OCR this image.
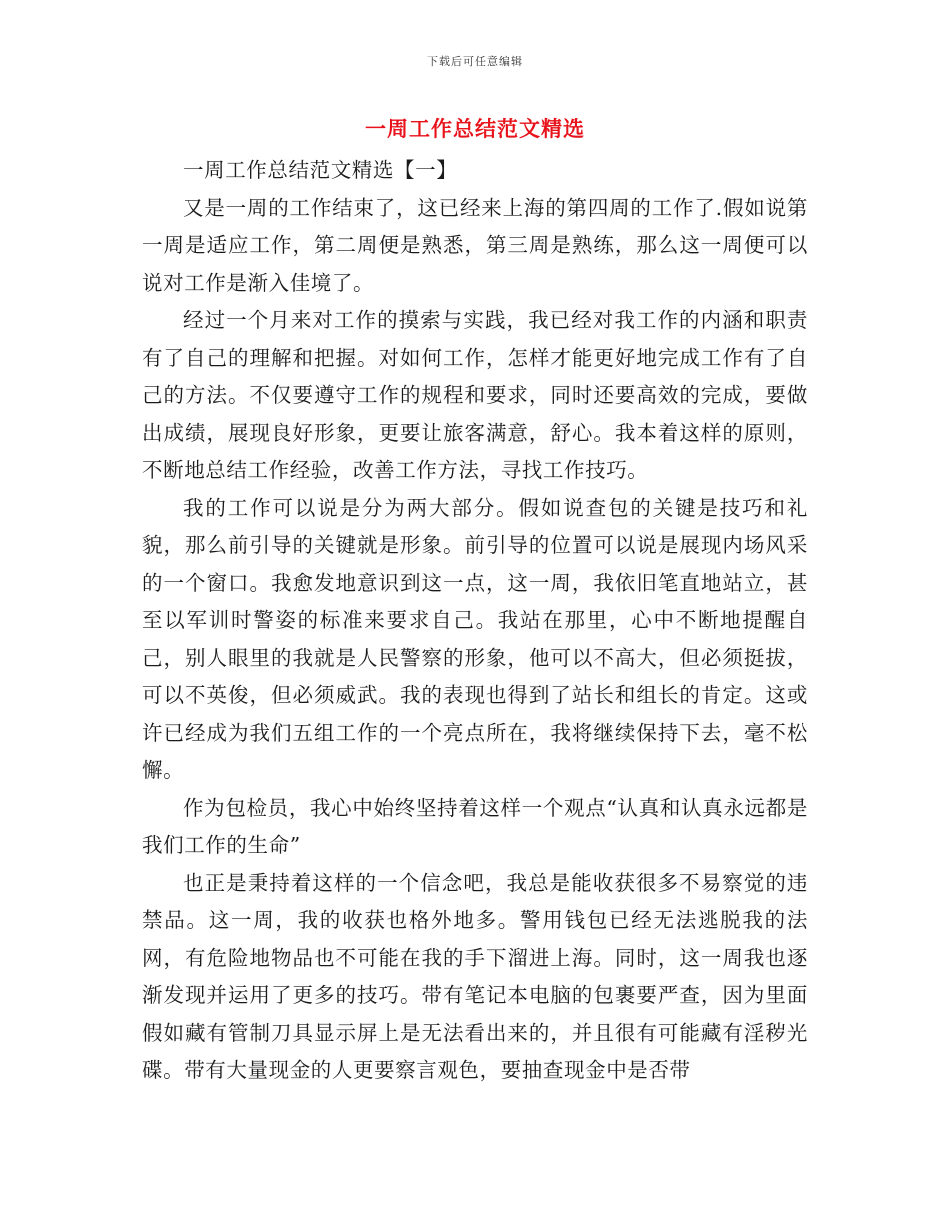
下载后可任意编辑
一周工作总结范文精选

一周工作总结范文精选【一】

又是一周的工作结束了，这已经来上海的第四周的工作了.假如说第一周是适应工作，第二周便是熟悉，第三周是熟练，那么这一周便可以说对工作是渐入佳境了。

经过一个月来对工作的摸索与实践，我已经对我工作的内涵和职责有了自己的理解和把握。对如何工作，怎样才能更好地完成工作有了自己的方法。不仅要遵守工作的规程和要求，同时还要高效的完成，要做出成绩，展现良好形象，更要让旅客满意，舒心。我本着这样的原则，不断地总结工作经验，改善工作方法，寻找工作技巧。

我的工作可以说是分为两大部分。假如说查包的关键是技巧和礼貌，那么前引导的关键就是形象。前引导的位置可以说是展现内场风采的一个窗口。我愈发地意识到这一点，这一周，我依旧笔直地站立，甚至以军训时警姿的标准来要求自己。我站在那里，心中不断地提醒自己，别人眼里的我就是人民警察的形象，他可以不高大，但必须挺拔，可以不英俊，但必须威武。我的表现也得到了站长和组长的肯定。这或许已经成为我们五组工作的一个亮点所在，我将继续保持下去，毫不松懈。

作为包检员，我心中始终坚持着这样一个观点“认真和认真永远都是我们工作的生命”

也正是秉持着这样的一个信念吧，我总是能收获很多不易察觉的违禁品。这一周，我的收获也格外地多。警用钱包已经无法逃脱我的法网，有危险地物品也不可能在我的手下溜进上海。同时，这一周我也逐渐发现并运用了更多的技巧。带有笔记本电脑的包裹要严查，因为里面假如藏有管制刀具显示屏上是无法看出来的，并且很有可能藏有淫秽光碟。带有大量现金的人更要察言观色，要抽查现金中是否带
